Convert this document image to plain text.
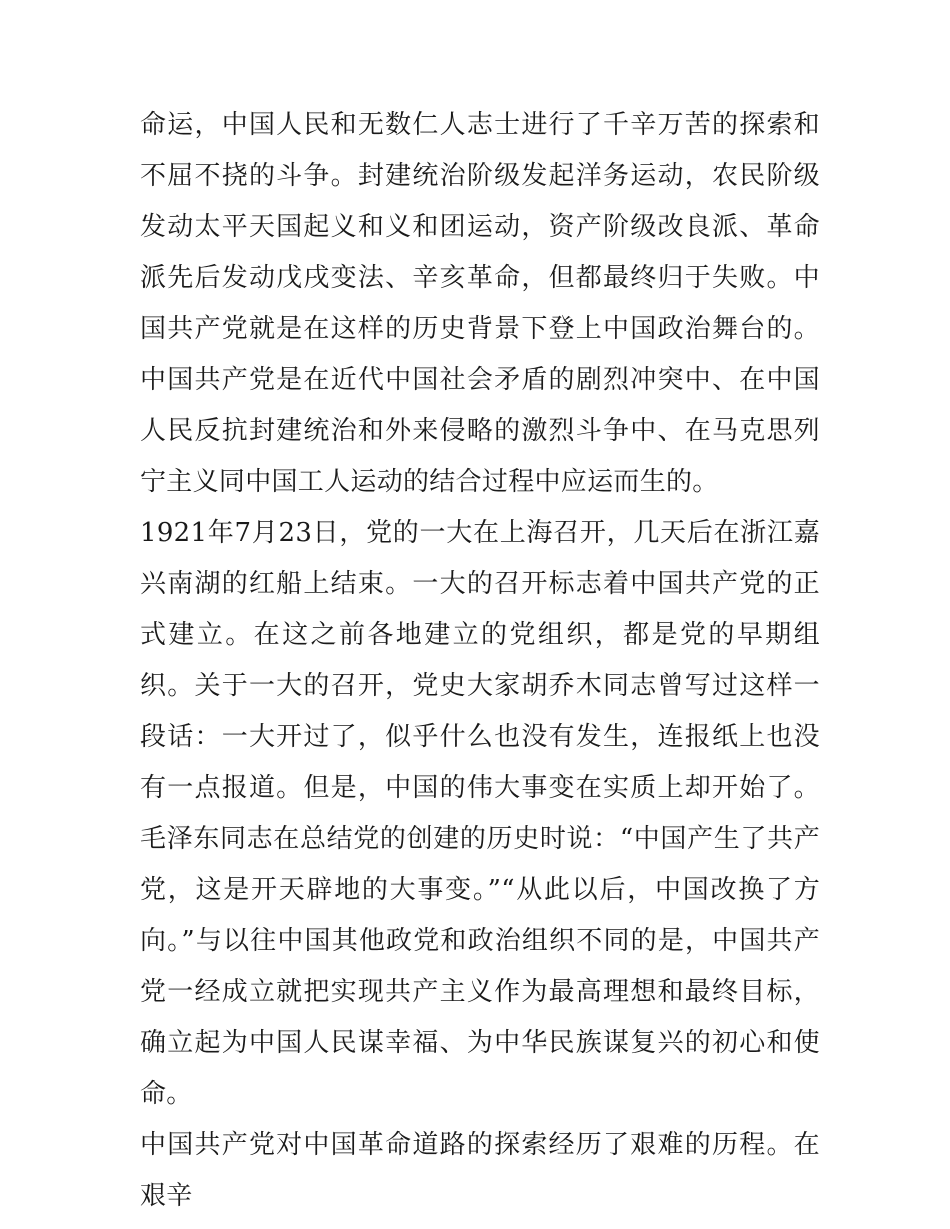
命运，中国人民和无数仁人志士进行了千辛万苦的探索和不屈不挠的斗争。封建统治阶级发起洋务运动，农民阶级发动太平天国起义和义和团运动，资产阶级改良派、革命派先后发动戊戌变法、辛亥革命，但都最终归于失败。中国共产党就是在这样的历史背景下登上中国政治舞台的。中国共产党是在近代中国社会矛盾的剧烈冲突中、在中国人民反抗封建统治和外来侵略的激烈斗争中、在马克思列宁主义同中国工人运动的结合过程中应运而生的。

1921年7月23日，党的一大在上海召开，几天后在浙江嘉兴南湖的红船上结束。一大的召开标志着中国共产党的正式建立。在这之前各地建立的党组织，都是党的早期组织。关于一大的召开，党史大家胡乔木同志曾写过这样一段话：一大开过了，似乎什么也没有发生，连报纸上也没有一点报道。但是，中国的伟大事变在实质上却开始了。毛泽东同志在总结党的创建的历史时说：“中国产生了共产党，这是开天辟地的大事变。”“从此以后，中国改换了方向。”与以往中国其他政党和政治组织不同的是，中国共产党一经成立就把实现共产主义作为最高理想和最终目标，确立起为中国人民谋幸福、为中华民族谋复兴的初心和使命。

中国共产党对中国革命道路的探索经历了艰难的历程。在艰辛
